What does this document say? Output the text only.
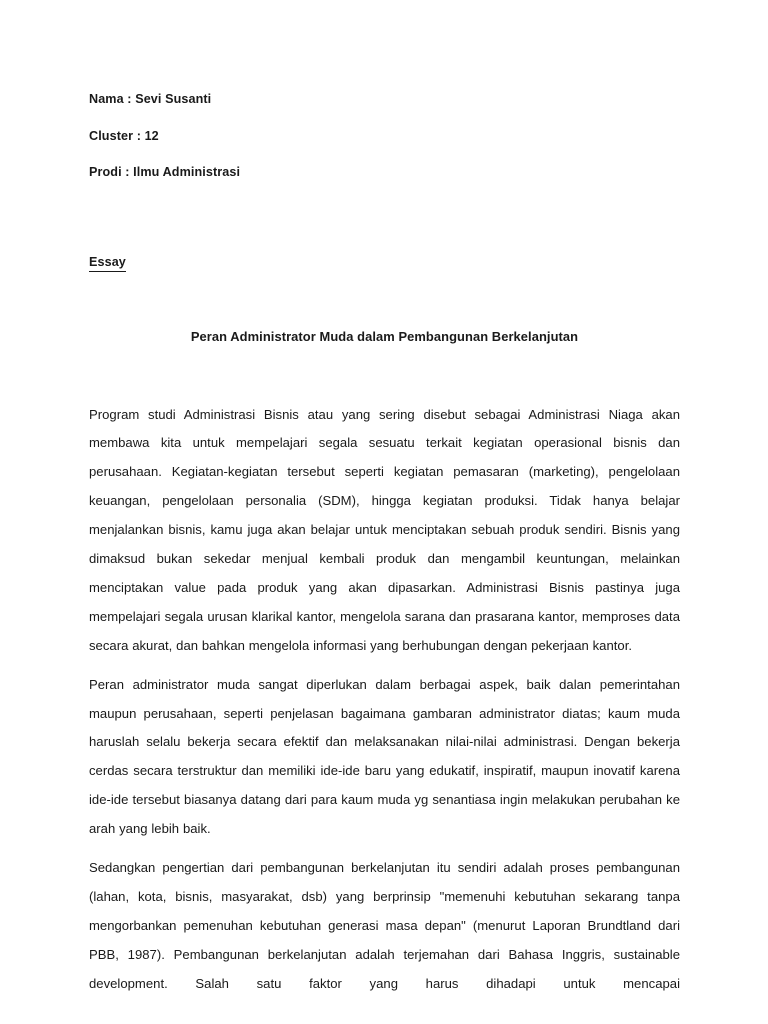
Nama : Sevi Susanti
Cluster : 12
Prodi : Ilmu Administrasi
Essay
Peran Administrator Muda dalam Pembangunan Berkelanjutan

Program studi Administrasi Bisnis atau yang sering disebut sebagai Administrasi Niaga akan membawa kita untuk mempelajari segala sesuatu terkait kegiatan operasional bisnis dan perusahaan. Kegiatan-kegiatan tersebut seperti kegiatan pemasaran (marketing), pengelolaan keuangan, pengelolaan personalia (SDM), hingga kegiatan produksi. Tidak hanya belajar menjalankan bisnis, kamu juga akan belajar untuk menciptakan sebuah produk sendiri. Bisnis yang dimaksud bukan sekedar menjual kembali produk dan mengambil keuntungan, melainkan menciptakan value pada produk yang akan dipasarkan. Administrasi Bisnis pastinya juga mempelajari segala urusan klarikal kantor, mengelola sarana dan prasarana kantor, memproses data secara akurat, dan bahkan mengelola informasi yang berhubungan dengan pekerjaan kantor.

Peran administrator muda sangat diperlukan dalam berbagai aspek, baik dalan pemerintahan maupun perusahaan, seperti penjelasan bagaimana gambaran administrator diatas; kaum muda haruslah selalu bekerja secara efektif dan melaksanakan nilai-nilai administrasi. Dengan bekerja cerdas secara terstruktur dan memiliki ide-ide baru yang edukatif, inspiratif, maupun inovatif karena ide-ide tersebut biasanya datang dari para kaum muda yg senantiasa ingin melakukan perubahan ke arah yang lebih baik.

Sedangkan pengertian dari pembangunan berkelanjutan itu sendiri adalah proses pembangunan (lahan, kota, bisnis, masyarakat, dsb) yang berprinsip "memenuhi kebutuhan sekarang tanpa mengorbankan pemenuhan kebutuhan generasi masa depan" (menurut Laporan Brundtland dari PBB, 1987). Pembangunan berkelanjutan adalah terjemahan dari Bahasa Inggris, sustainable development. Salah satu faktor yang harus dihadapi untuk mencapai
